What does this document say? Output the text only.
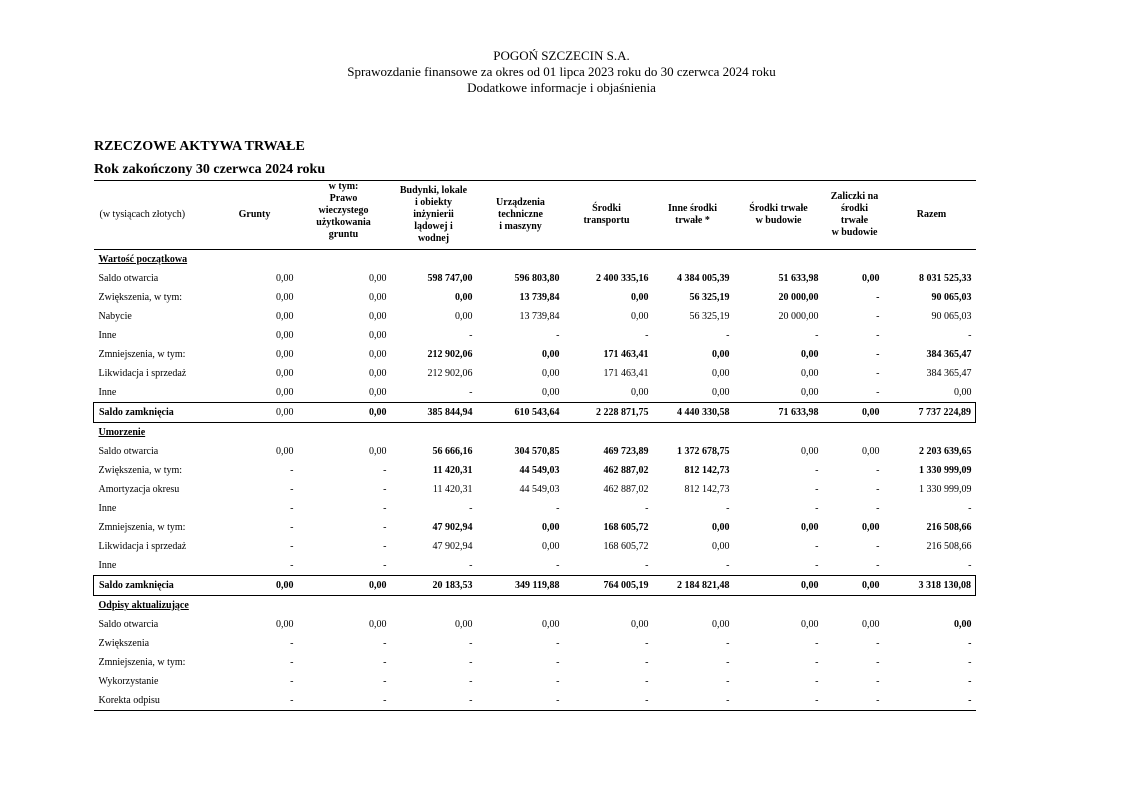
POGOŃ SZCZECIN S.A.
Sprawozdanie finansowe za okres od 01 lipca 2023 roku do 30 czerwca 2024 roku
Dodatkowe informacje i objaśnienia
RZECZOWE AKTYWA TRWAŁE
Rok zakończony 30 czerwca 2024 roku
(w tysiącach złotych)	Grunty	w tym:
Prawo
wieczystego
użytkowania
gruntu	Budynki, lokale
i obiekty
inżynierii
lądowej i
wodnej	Urządzenia
techniczne
i maszyny	Środki
transportu	Inne środki
trwałe *	Środki trwałe
w budowie	Zaliczki na
środki
trwałe
w budowie	Razem
Wartość początkowa									
Saldo otwarcia	0,00	0,00	598 747,00	596 803,80	2 400 335,16	4 384 005,39	51 633,98	0,00	8 031 525,33
Zwiększenia, w tym:	0,00	0,00	0,00	13 739,84	0,00	56 325,19	20 000,00	-	90 065,03
Nabycie	0,00	0,00	0,00	13 739,84	0,00	56 325,19	20 000,00	-	90 065,03
Inne	0,00	0,00	-	-	-	-	-	-	-
Zmniejszenia, w tym:	0,00	0,00	212 902,06	0,00	171 463,41	0,00	0,00	-	384 365,47
Likwidacja i sprzedaż	0,00	0,00	212 902,06	0,00	171 463,41	0,00	0,00	-	384 365,47
Inne	0,00	0,00	-	0,00	0,00	0,00	0,00	-	0,00
Saldo zamknięcia	0,00	0,00	385 844,94	610 543,64	2 228 871,75	4 440 330,58	71 633,98	0,00	7 737 224,89
Umorzenie									
Saldo otwarcia	0,00	0,00	56 666,16	304 570,85	469 723,89	1 372 678,75	0,00	0,00	2 203 639,65
Zwiększenia, w tym:	-	-	11 420,31	44 549,03	462 887,02	812 142,73	-	-	1 330 999,09
Amortyzacja okresu	-	-	11 420,31	44 549,03	462 887,02	812 142,73	-	-	1 330 999,09
Inne	-	-	-	-	-	-	-	-	-
Zmniejszenia, w tym:	-	-	47 902,94	0,00	168 605,72	0,00	0,00	0,00	216 508,66
Likwidacja i sprzedaż	-	-	47 902,94	0,00	168 605,72	0,00	-	-	216 508,66
Inne	-	-	-	-	-	-	-	-	-
Saldo zamknięcia	0,00	0,00	20 183,53	349 119,88	764 005,19	2 184 821,48	0,00	0,00	3 318 130,08
Odpisy aktualizujące									
Saldo otwarcia	0,00	0,00	0,00	0,00	0,00	0,00	0,00	0,00	0,00
Zwiększenia	-	-	-	-	-	-	-	-	-
Zmniejszenia, w tym:	-	-	-	-	-	-	-	-	-
Wykorzystanie	-	-	-	-	-	-	-	-	-
Korekta odpisu	-	-	-	-	-	-	-	-	-
